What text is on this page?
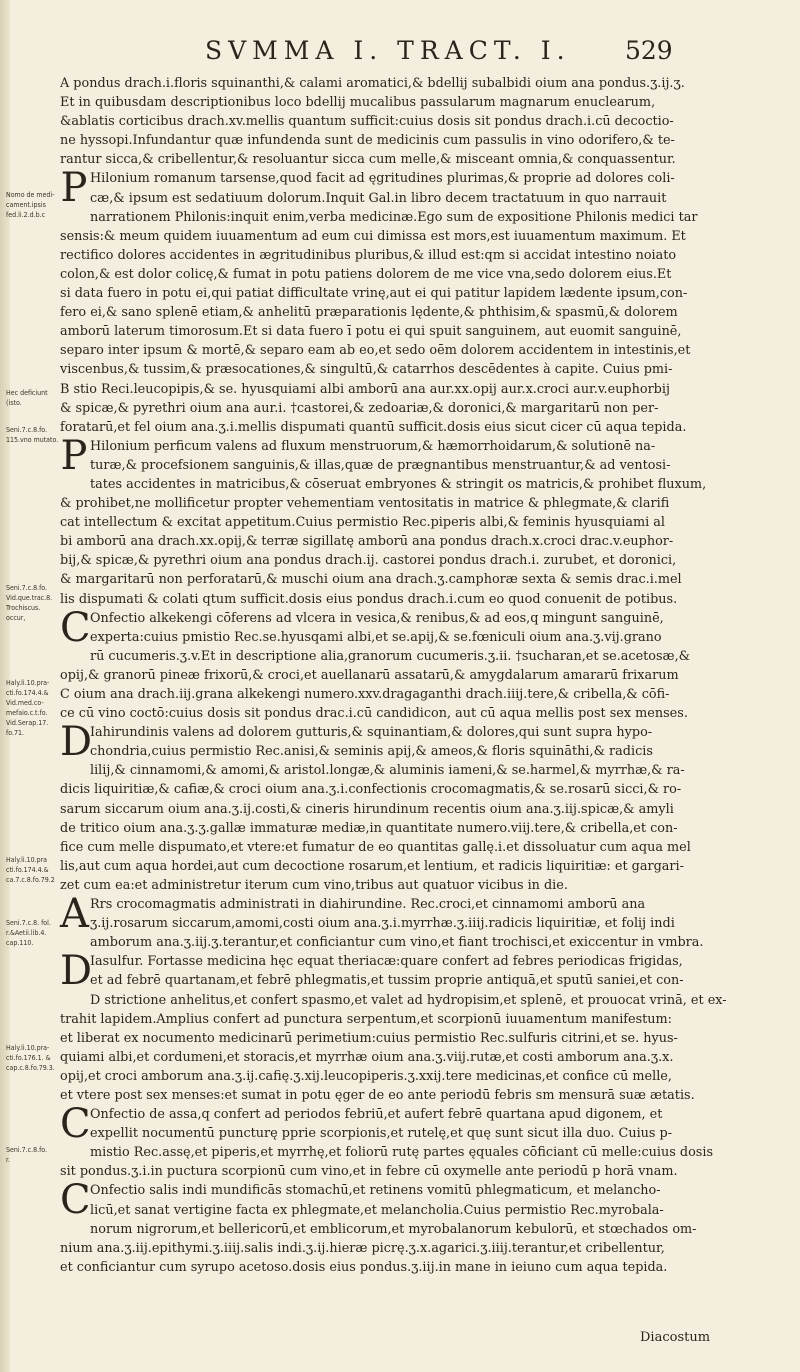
SVMMA I. TRACT. I. 529
Nomo de medi-
cament.ipsis
fed.li.2.d.b.c
Hec deficiunt
(isto.
Seni.7.c.8.fo.
115.vno mutato.
Seni.7.c.8.fo.
Vid.que.trac.8.
Trochiscus.
occur,
Haly.li.10.pra-
cti.fo.174.4.&
Vid.med.co-
mefaio.c.t.fo.
Vid.Serap.17.
fo.71.
Haly.li.10.pra
cti.fo.174.4.&
ca.7.c.8.fo.79.2
Seni.7.c.8. fol.
r.&Aetii.lib.4.
cap.110.
Haly.li.10.pra-
cti.fo.176.1. &
cap.c.8.fo.79.3.
Seni.7.c.8.fo.
r.
A pondus drach.i.floris squinanthi,& calami aromatici,& bdellij subalbidi oium ana pondus.ʒ.ij.ʒ.
Et in quibusdam descriptionibus loco bdellij mucalibus passularum magnarum enuclearum,
&ablatis corticibus drach.xv.mellis quantum sufficit:cuius dosis sit pondus drach.i.cū decoctio-
ne hyssopi.Infundantur quæ infundenda sunt de medicinis cum passulis in vino odorifero,& te-
rantur sicca,& cribellentur,& resoluantur sicca cum melle,& misceant omnia,& conquassentur.
P Hilonium romanum tarsense,quod facit ad ęgritudines plurimas,& proprie ad dolores coli-
cæ,& ipsum est sedatiuum dolorum.Inquit Gal.in libro decem tractatuum in quo narrauit
narrationem Philonis:inquit enim,verba medicinæ.Ego sum de expositione Philonis medici tar
sensis:& meum quidem iuuamentum ad eum cui dimissa est mors,est iuuamentum maximum. Et
rectifico dolores accidentes in ægritudinibus pluribus,& illud est:qm si accidat intestino noiato
colon,& est dolor colicę,& fumat in potu patiens dolorem de me vice vna,sedo dolorem eius.Et
si data fuero in potu ei,qui patiat difficultate vrinę,aut ei qui patitur lapidem lædente ipsum,con-
fero ei,& sano splenē etiam,& anhelitū præparationis lędente,& phthisim,& spasmū,& dolorem
amborū laterum timorosum.Et si data fuero ī potu ei qui spuit sanguinem, aut euomit sanguinē,
separo inter ipsum & mortē,& separo eam ab eo,et sedo oēm dolorem accidentem in intestinis,et
viscenbus,& tussim,& præsocationes,& singultū,& catarrhos descēdentes à capite. Cuius pmi-
B stio Reci.leucopipis,& se. hyusquiami albi amborū ana aur.xx.opij aur.x.croci aur.v.euphorbij
& spicæ,& pyrethri oium ana aur.i. †castorei,& zedoariæ,& doronici,& margaritarū non per-
foratarū,et fel oium ana.ʒ.i.mellis dispumati quantū sufficit.dosis eius sicut cicer cū aqua tepida.
P Hilonium perficum valens ad fluxum menstruorum,& hæmorrhoidarum,& solutionē na-
turæ,& procefsionem sanguinis,& illas,quæ de prægnantibus menstruantur,& ad ventosi-
tates accidentes in matricibus,& cōseruat embryones & stringit os matricis,& prohibet fluxum,
& prohibet,ne mollificetur propter vehementiam ventositatis in matrice & phlegmate,& clarifi
cat intellectum & excitat appetitum.Cuius permistio Rec.piperis albi,& feminis hyusquiami al
bi amborū ana drach.xx.opij,& terræ sigillatę amborū ana pondus drach.x.croci drac.v.euphor-
bij,& spicæ,& pyrethri oium ana pondus drach.ij. castorei pondus drach.i. zurubet, et doronici,
& margaritarū non perforatarū,& muschi oium ana drach.ʒ.camphoræ sexta & semis drac.i.mel
lis dispumati & colati qtum sufficit.dosis eius pondus drach.i.cum eo quod conuenit de potibus.
C Onfectio alkekengi cōferens ad vlcera in vesica,& renibus,& ad eos,q mingunt sanguinē,
experta:cuius pmistio Rec.se.hyusqami albi,et se.apij,& se.fœniculi oium ana.ʒ.vij.grano
rū cucumeris.ʒ.v.Et in descriptione alia,granorum cucumeris.ʒ.ii. †sucharan,et se.acetosæ,&
opij,& granorū pineæ frixorū,& croci,et auellanarū assatarū,& amygdalarum amararū frixarum
C oium ana drach.iij.grana alkekengi numero.xxv.dragaganthi drach.iiij.tere,& cribella,& cōfi-
ce cū vino coctō:cuius dosis sit pondus drac.i.cū candidicon, aut cū aqua mellis post sex menses.
D
Iahirundinis valens ad dolorem gutturis,& squinantiam,& dolores,qui sunt supra hypo-
chondria,cuius permistio Rec.anisi,& seminis apij,& ameos,& floris squināthi,& radicis
lilij,& cinnamomi,& amomi,& aristol.longæ,& aluminis iameni,& se.harmel,& myrrhæ,& ra-
dicis liquiritiæ,& cafiæ,& croci oium ana.ʒ.i.confectionis crocomagmatis,& se.rosarū sicci,& ro-
sarum siccarum oium ana.ʒ.ij.costi,& cineris hirundinum recentis oium ana.ʒ.iij.spicæ,& amyli
de tritico oium ana.ʒ.ʒ.gallæ immaturæ mediæ,in quantitate numero.viij.tere,& cribella,et con-
fice cum melle dispumato,et vtere:et fumatur de eo quantitas gallę.i.et dissoluatur cum aqua mel
lis,aut cum aqua hordei,aut cum decoctione rosarum,et lentium, et radicis liquiritiæ: et gargari-
zet cum ea:et administretur iterum cum vino,tribus aut quatuor vicibus in die.
A Rrs crocomagmatis administrati in diahirundine. Rec.croci,et cinnamomi amborū ana
ʒ.ij.rosarum siccarum,amomi,costi oium ana.ʒ.i.myrrhæ.ʒ.iiij.radicis liquiritiæ, et folij indi
amborum ana.ʒ.iij.ʒ.terantur,et conficiantur cum vino,et fiant trochisci,et exiccentur in vmbra.
D
Iasulfur. Fortasse medicina hęc equat theriacæ:quare confert ad febres periodicas frigidas,
et ad febrē quartanam,et febrē phlegmatis,et tussim proprie antiquā,et sputū saniei,et con-
D strictione anhelitus,et confert spasmo,et valet ad hydropisim,et splenē, et prouocat vrinā, et ex-
trahit lapidem.Amplius confert ad punctura serpentum,et scorpionū iuuamentum manifestum:
et liberat ex nocumento medicinarū perimetium:cuius permistio Rec.sulfuris citrini,et se. hyus-
quiami albi,et cordumeni,et storacis,et myrrhæ oium ana.ʒ.viij.rutæ,et costi amborum ana.ʒ.x.
opij,et croci amborum ana.ʒ.ij.cafię.ʒ.xij.leucopiperis.ʒ.xxij.tere medicinas,et confice cū melle,
et vtere post sex menses:et sumat in potu ęger de eo ante periodū febris sm mensurā suæ ætatis.
C Onfectio de assa,q confert ad periodos febriū,et aufert febrē quartana apud digonem, et
expellit nocumentū puncturę pprie scorpionis,et rutelę,et quę sunt sicut illa duo. Cuius p-
mistio Rec.assę,et piperis,et myrrhę,et foliorū rutę partes ęquales cōficiant cū melle:cuius dosis
sit pondus.ʒ.i.in puctura scorpionū cum vino,et in febre cū oxymelle ante periodū p horā vnam.
C Onfectio salis indi mundificās stomachū,et retinens vomitū phlegmaticum, et melancho-
licū,et sanat vertigine facta ex phlegmate,et melancholia.Cuius permistio Rec.myrobala-
norum nigrorum,et bellericorū,et emblicorum,et myrobalanorum kebulorū, et stœchados om-
nium ana.ʒ.iij.epithymi.ʒ.iiij.salis indi.ʒ.ij.hieræ picrę.ʒ.x.agarici.ʒ.iiij.terantur,et cribellentur,
et conficiantur cum syrupo acetoso.dosis eius pondus.ʒ.iij.in mane in ieiuno cum aqua tepida.
Diacostum
